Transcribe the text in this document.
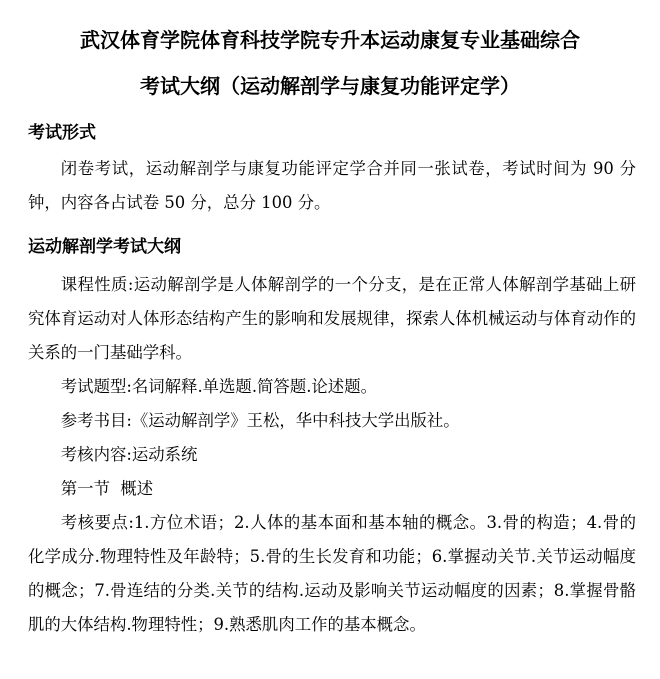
武汉体育学院体育科技学院专升本运动康复专业基础综合
考试大纲（运动解剖学与康复功能评定学）
考试形式

闭卷考试，运动解剖学与康复功能评定学合并同一张试卷，考试时间为 90 分钟，内容各占试卷 50 分，总分 100 分。

运动解剖学考试大纲

课程性质:运动解剖学是人体解剖学的一个分支，是在正常人体解剖学基础上研究体育运动对人体形态结构产生的影响和发展规律，探索人体机械运动与体育动作的关系的一门基础学科。

考试题型:名词解释.单选题.简答题.论述题。

参考书目:《运动解剖学》王松，华中科技大学出版社。

考核内容:运动系统

第一节  概述

考核要点:1.方位术语；2.人体的基本面和基本轴的概念。3.骨的构造；4.骨的化学成分.物理特性及年龄特；5.骨的生长发育和功能；6.掌握动关节.关节运动幅度的概念；7.骨连结的分类.关节的结构.运动及影响关节运动幅度的因素；8.掌握骨骼肌的大体结构.物理特性；9.熟悉肌肉工作的基本概念。
